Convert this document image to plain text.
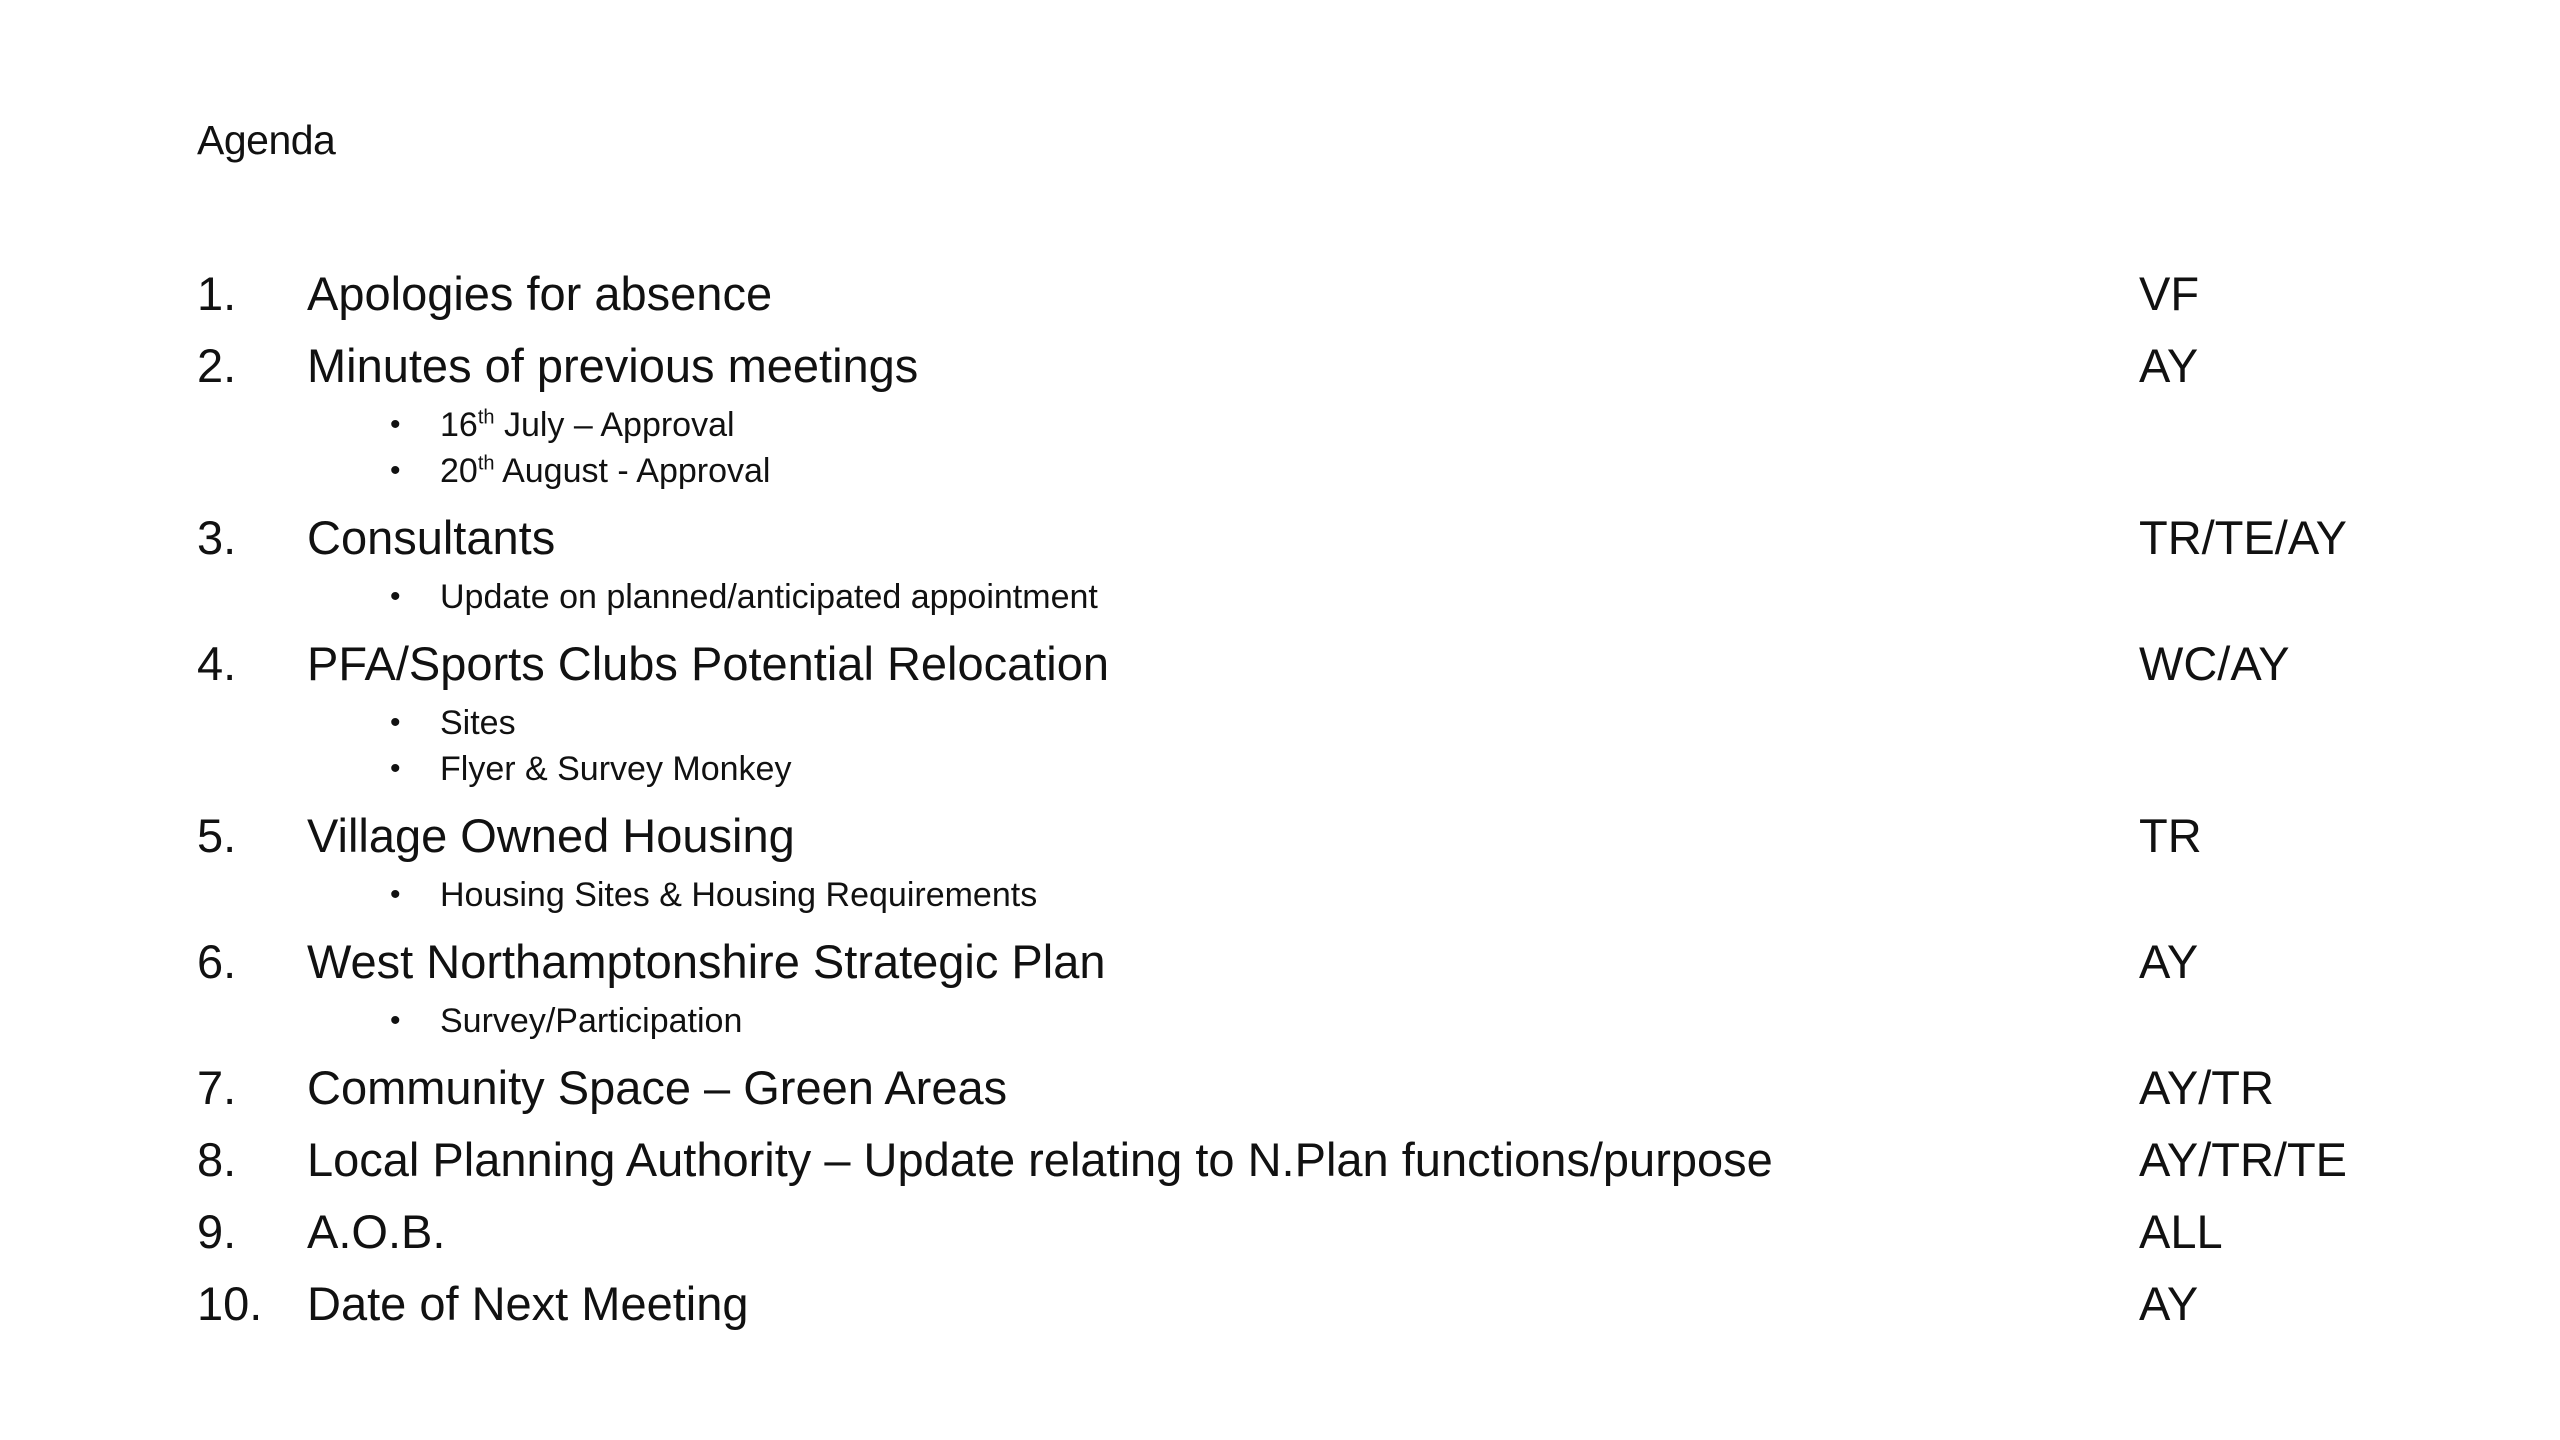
Agenda
1. Apologies for absence	VF
2. Minutes of previous meetings	AY
• 16th July – Approval
• 20th August - Approval
3. Consultants	TR/TE/AY
• Update on planned/anticipated appointment
4. PFA/Sports Clubs Potential Relocation	WC/AY
• Sites
• Flyer & Survey Monkey
5. Village Owned Housing	TR
• Housing Sites & Housing Requirements
6. West Northamptonshire Strategic Plan	AY
• Survey/Participation
7. Community Space – Green Areas	AY/TR
8. Local Planning Authority – Update relating to N.Plan functions/purpose	AY/TR/TE
9. A.O.B.	ALL
10. Date of Next Meeting	AY
